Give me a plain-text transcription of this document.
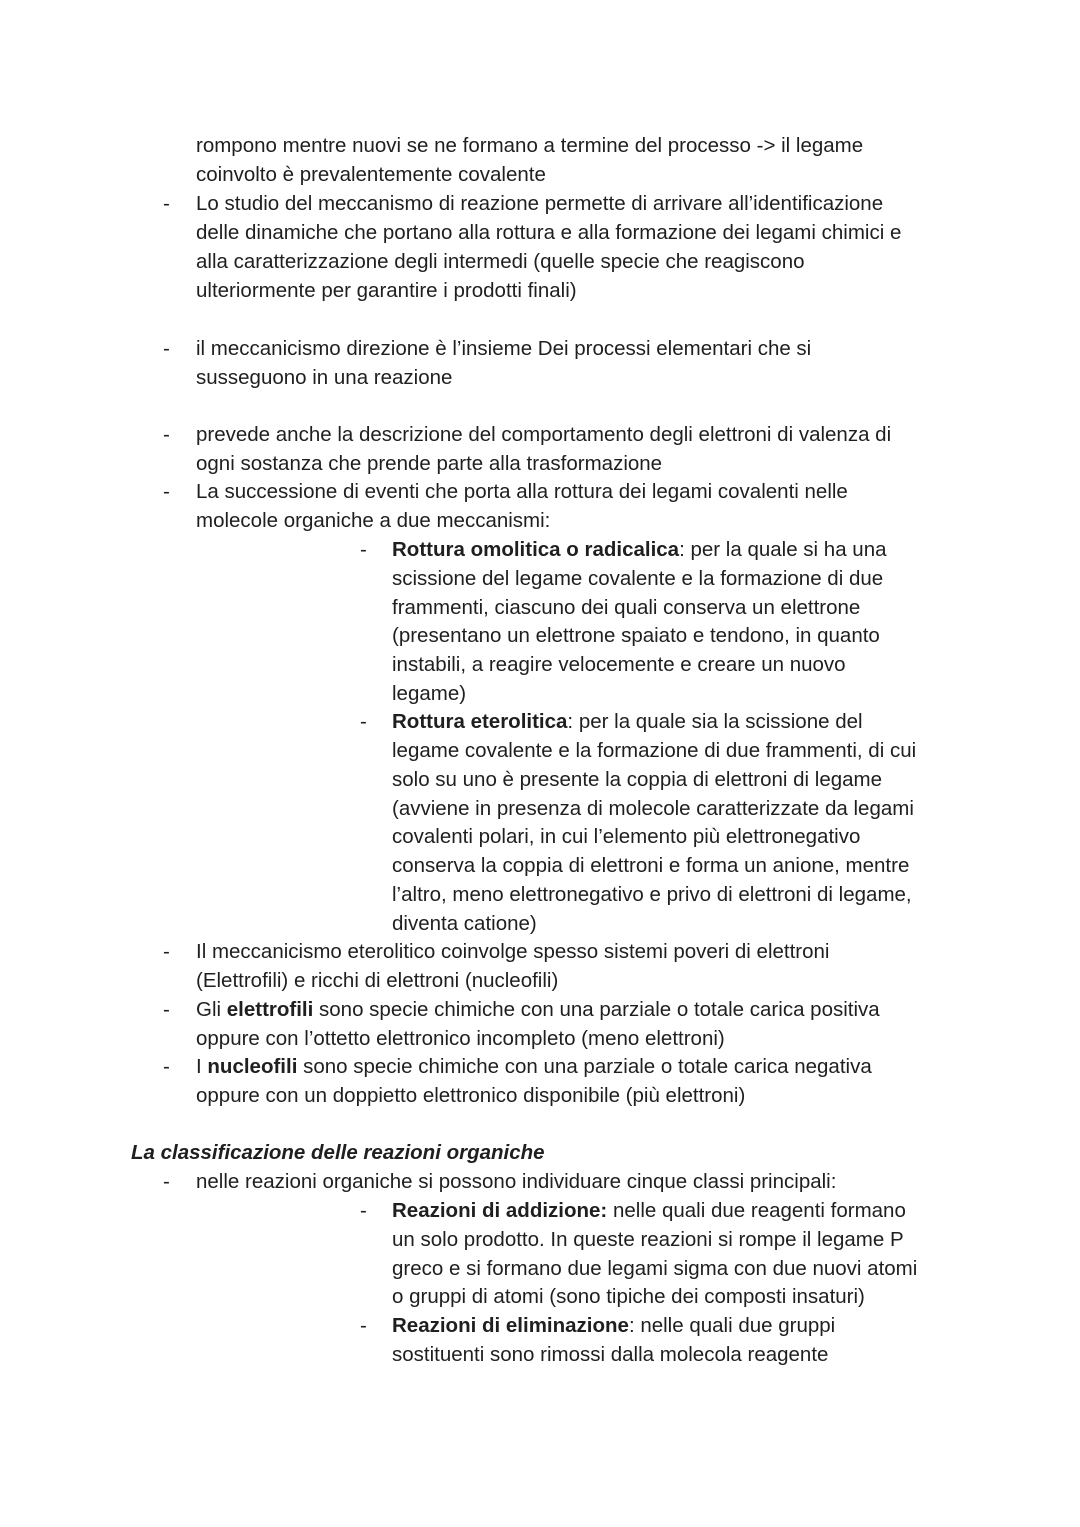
rompono mentre nuovi se ne formano a termine del processo -> il legame
coinvolto è prevalentemente covalente
- Lo studio del meccanismo di reazione permette di arrivare all’identificazione
delle dinamiche che portano alla rottura e alla formazione dei legami chimici e
alla caratterizzazione degli intermedi (quelle specie che reagiscono
ulteriormente per garantire i prodotti finali)
- il meccanicismo direzione è l’insieme Dei processi elementari che si
susseguono in una reazione
- prevede anche la descrizione del comportamento degli elettroni di valenza di
ogni sostanza che prende parte alla trasformazione
- La successione di eventi che porta alla rottura dei legami covalenti nelle
molecole organiche a due meccanismi:
- Rottura omolitica o radicalica: per la quale si ha una
scissione del legame covalente e la formazione di due
frammenti, ciascuno dei quali conserva un elettrone
(presentano un elettrone spaiato e tendono, in quanto
instabili, a reagire velocemente e creare un nuovo
legame)
- Rottura eterolitica: per la quale sia la scissione del
legame covalente e la formazione di due frammenti, di cui
solo su uno è presente la coppia di elettroni di legame
(avviene in presenza di molecole caratterizzate da legami
covalenti polari, in cui l’elemento più elettronegativo
conserva la coppia di elettroni e forma un anione, mentre
l’altro, meno elettronegativo e privo di elettroni di legame,
diventa catione)
- Il meccanicismo eterolitico coinvolge spesso sistemi poveri di elettroni
(Elettrofili) e ricchi di elettroni (nucleofili)
- Gli elettrofili sono specie chimiche con una parziale o totale carica positiva
oppure con l’ottetto elettronico incompleto (meno elettroni)
- I nucleofili sono specie chimiche con una parziale o totale carica negativa
oppure con un doppietto elettronico disponibile (più elettroni)
La classificazione delle reazioni organiche
- nelle reazioni organiche si possono individuare cinque classi principali:
- Reazioni di addizione: nelle quali due reagenti formano
un solo prodotto. In queste reazioni si rompe il legame P
greco e si formano due legami sigma con due nuovi atomi
o gruppi di atomi (sono tipiche dei composti insaturi)
- Reazioni di eliminazione: nelle quali due gruppi
sostituenti sono rimossi dalla molecola reagente
